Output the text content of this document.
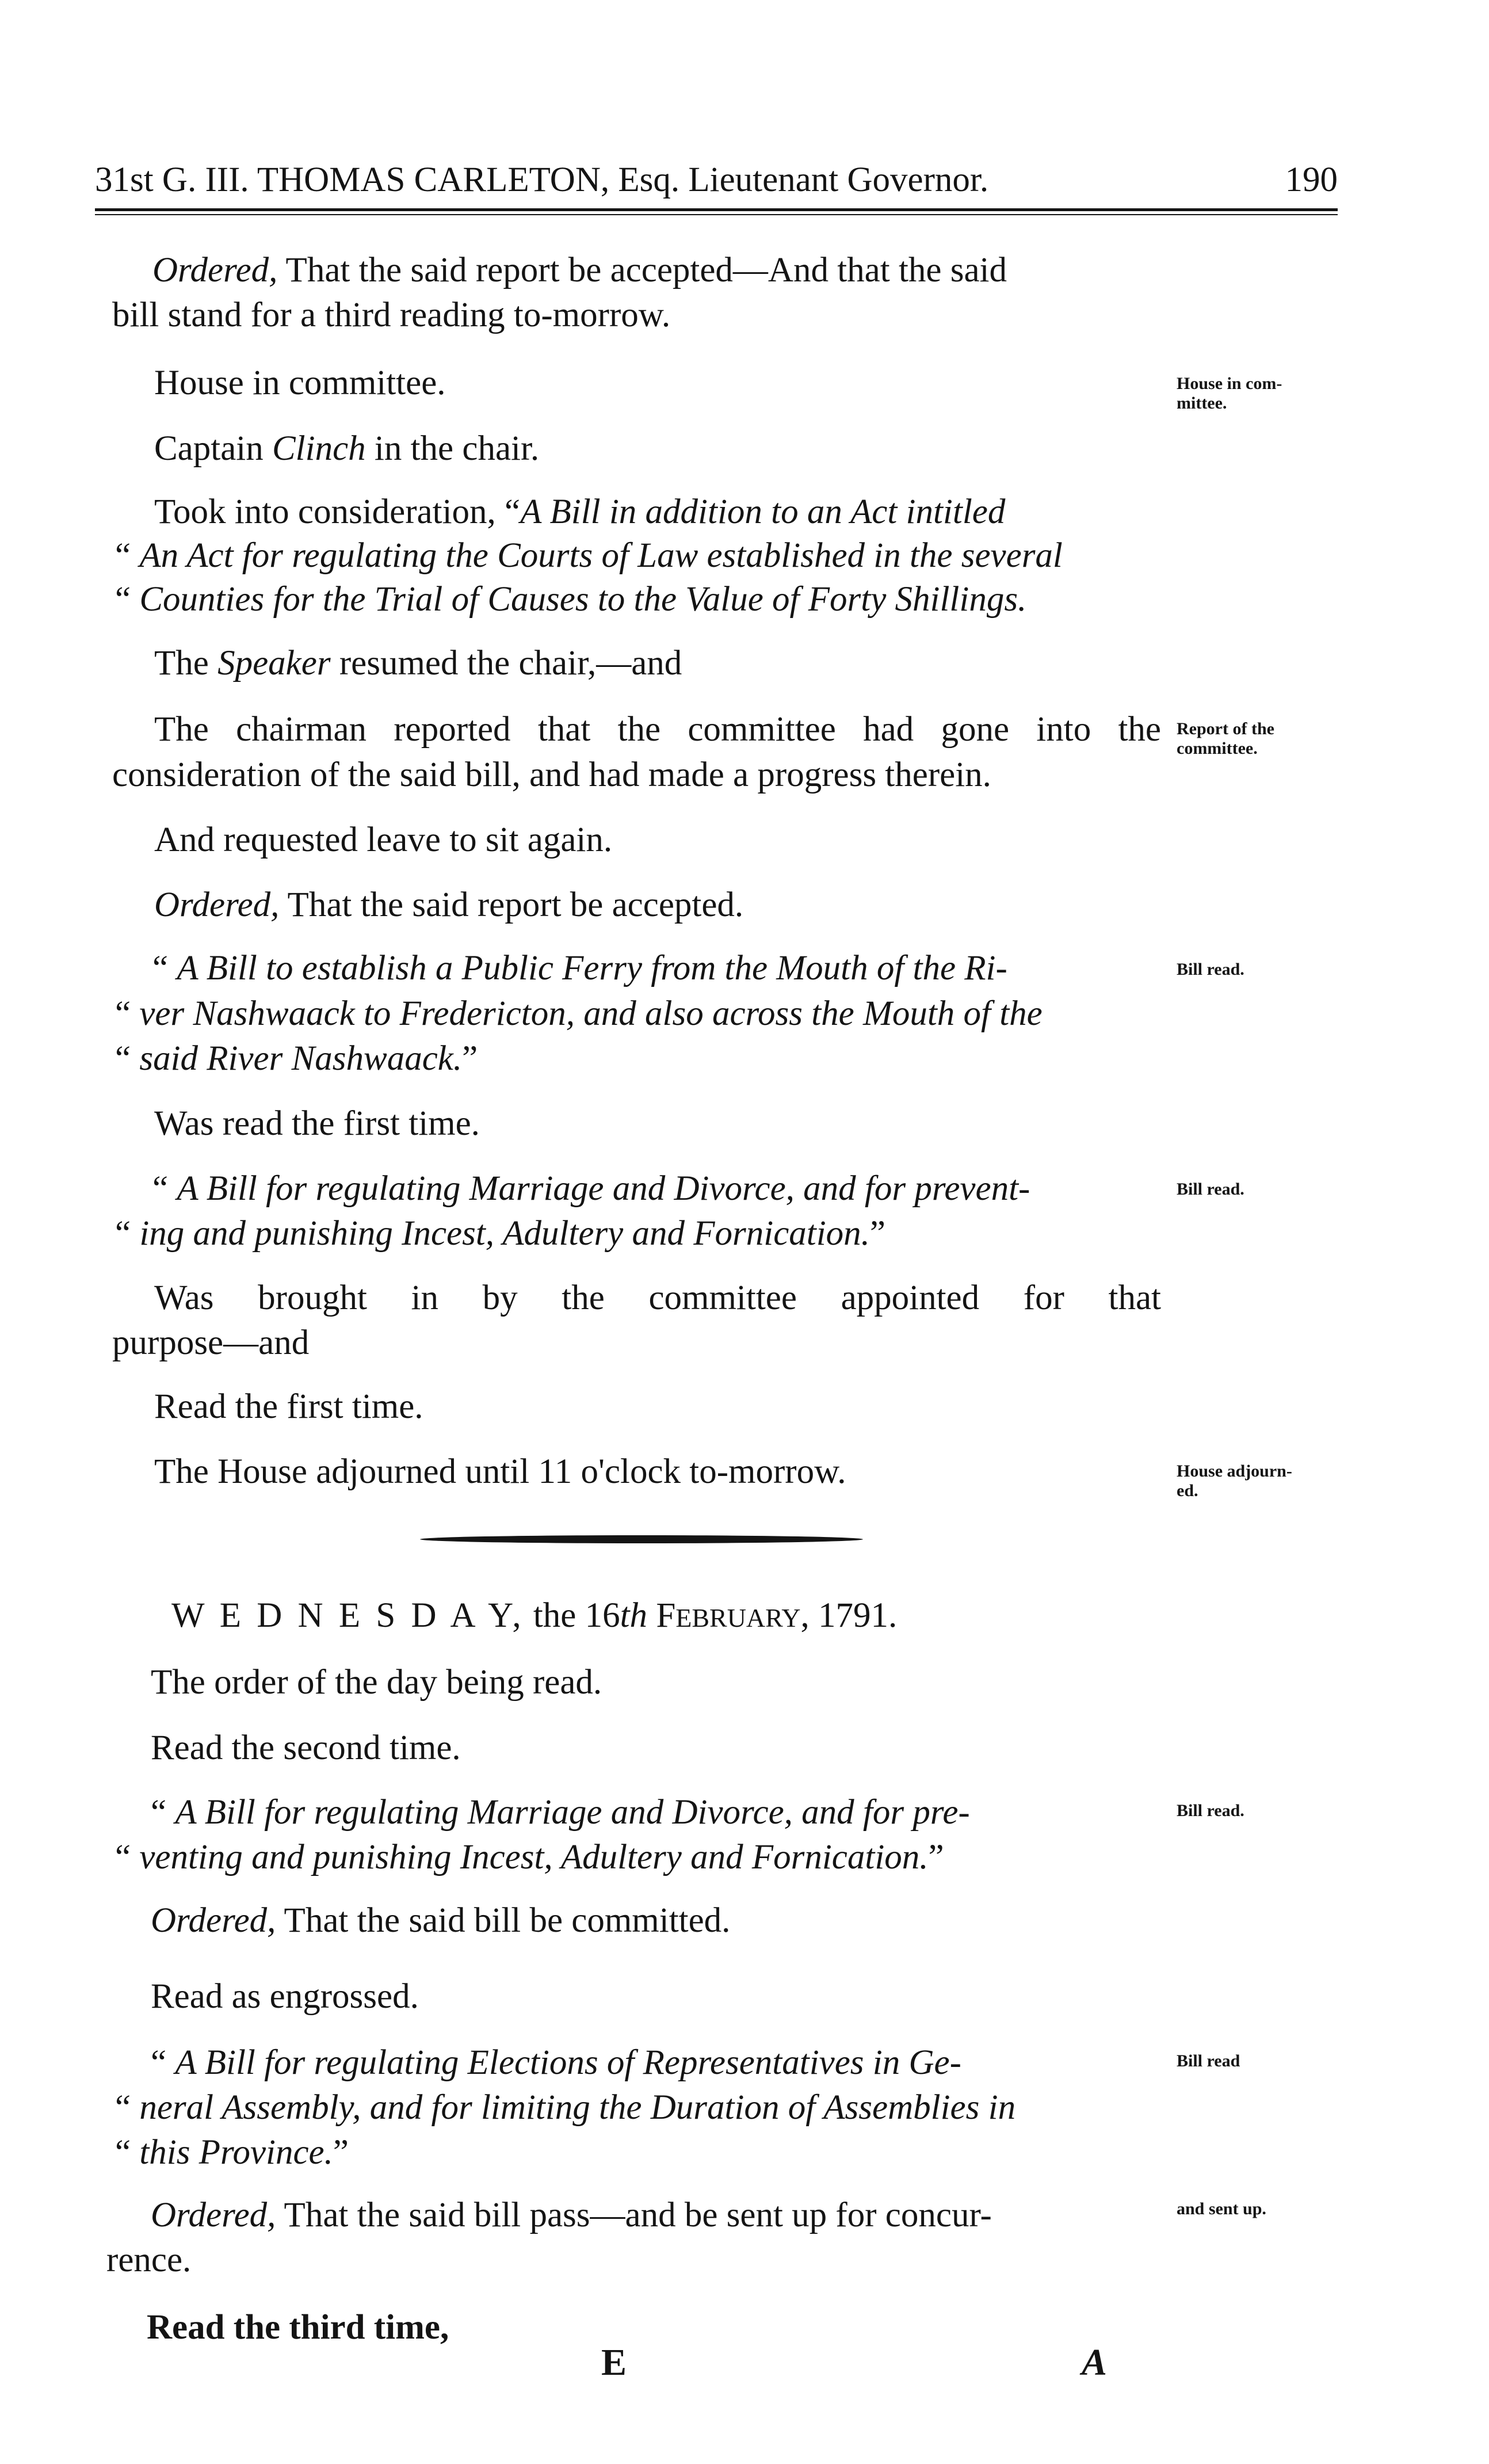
31st G. III. THOMAS CARLETON, Esq. Lieutenant Governor.	190

Ordered, That the said report be accepted—And that the said

bill stand for a third reading to-morrow.

House in committee.

Captain Clinch in the chair.

Took into consideration, “A Bill in addition to an Act intitled

“ An Act for regulating the Courts of Law established in the several

“ Counties for the Trial of Causes to the Value of Forty Shillings.

The Speaker resumed the chair,—and

The chairman reported that the committee had gone into the

consideration of the said bill, and had made a progress therein.

And requested leave to sit again.

Ordered, That the said report be accepted.

“ A Bill to establish a Public Ferry from the Mouth of the Ri-

“ ver Nashwaack to Fredericton, and also across the Mouth of the

“ said River Nashwaack.”

Was read the first time.

“ A Bill for regulating Marriage and Divorce, and for prevent-

“ ing and punishing Incest, Adultery and Fornication.”

Was brought in by the committee appointed for that

purpose—and

Read the first time.

The House adjourned until 11 o'clock to-morrow.

W E D N E S D A Y, the 16th FEBRUARY, 1791.

The order of the day being read.

Read the second time.

“ A Bill for regulating Marriage and Divorce, and for pre-

“ venting and punishing Incest, Adultery and Fornication.”

Ordered, That the said bill be committed.

Read as engrossed.

“ A Bill for regulating Elections of Representatives in Ge-

“ neral Assembly, and for limiting the Duration of Assemblies in

“ this Province.”

Ordered, That the said bill pass—and be sent up for concur-

rence.

Read the third time,

House in com-
mittee.
Report of the
committee.
Bill read.
Bill read.
House adjourn-
ed.
Bill read.
Bill read
and sent up.
E	A
